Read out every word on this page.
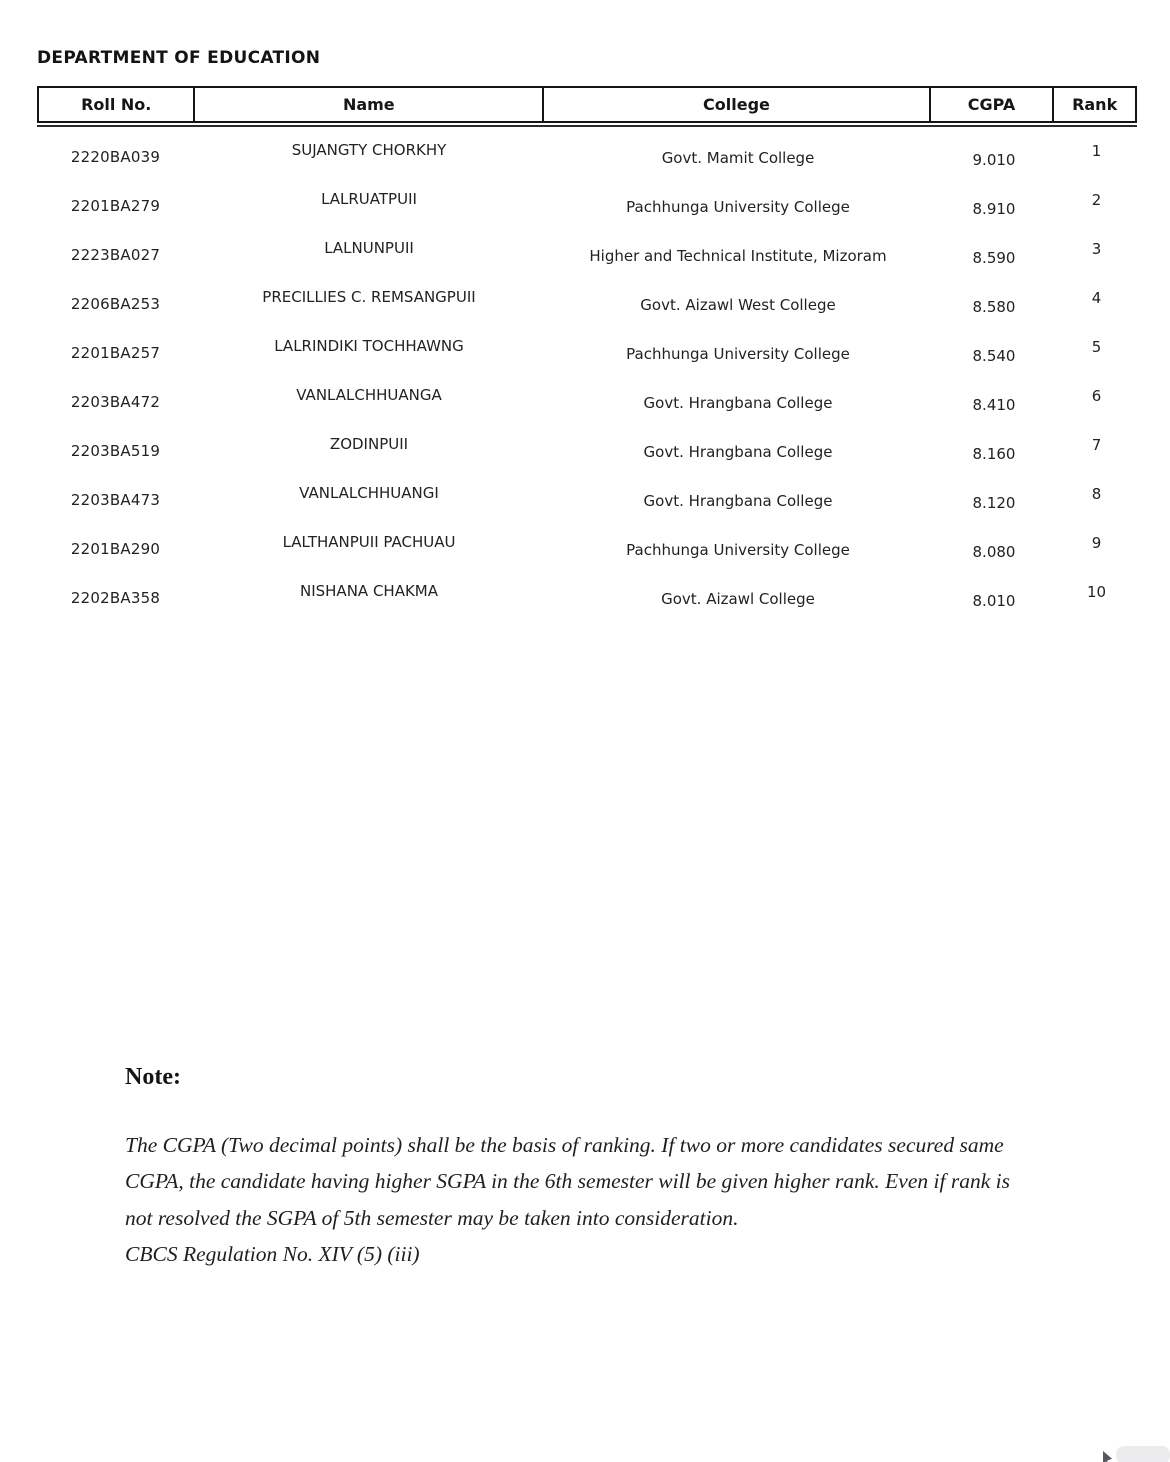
DEPARTMENT OF EDUCATION
Roll No.	Name	College	CGPA	Rank
2220BA039	SUJANGTY CHORKHY	Govt. Mamit College	9.010	1
2201BA279	LALRUATPUII	Pachhunga University College	8.910	2
2223BA027	LALNUNPUII	Higher and Technical Institute, Mizoram	8.590	3
2206BA253	PRECILLIES C. REMSANGPUII	Govt. Aizawl West College	8.580	4
2201BA257	LALRINDIKI TOCHHAWNG	Pachhunga University College	8.540	5
2203BA472	VANLALCHHUANGA	Govt. Hrangbana College	8.410	6
2203BA519	ZODINPUII	Govt. Hrangbana College	8.160	7
2203BA473	VANLALCHHUANGI	Govt. Hrangbana College	8.120	8
2201BA290	LALTHANPUII PACHUAU	Pachhunga University College	8.080	9
2202BA358	NISHANA CHAKMA	Govt. Aizawl College	8.010	10
Note:
The CGPA (Two decimal points) shall be the basis of ranking. If two or more candidates secured same
CGPA, the candidate having higher SGPA in the 6th semester will be given higher rank. Even if rank is
not resolved the SGPA of 5th semester may be taken into consideration.
CBCS Regulation No. XIV (5) (iii)
